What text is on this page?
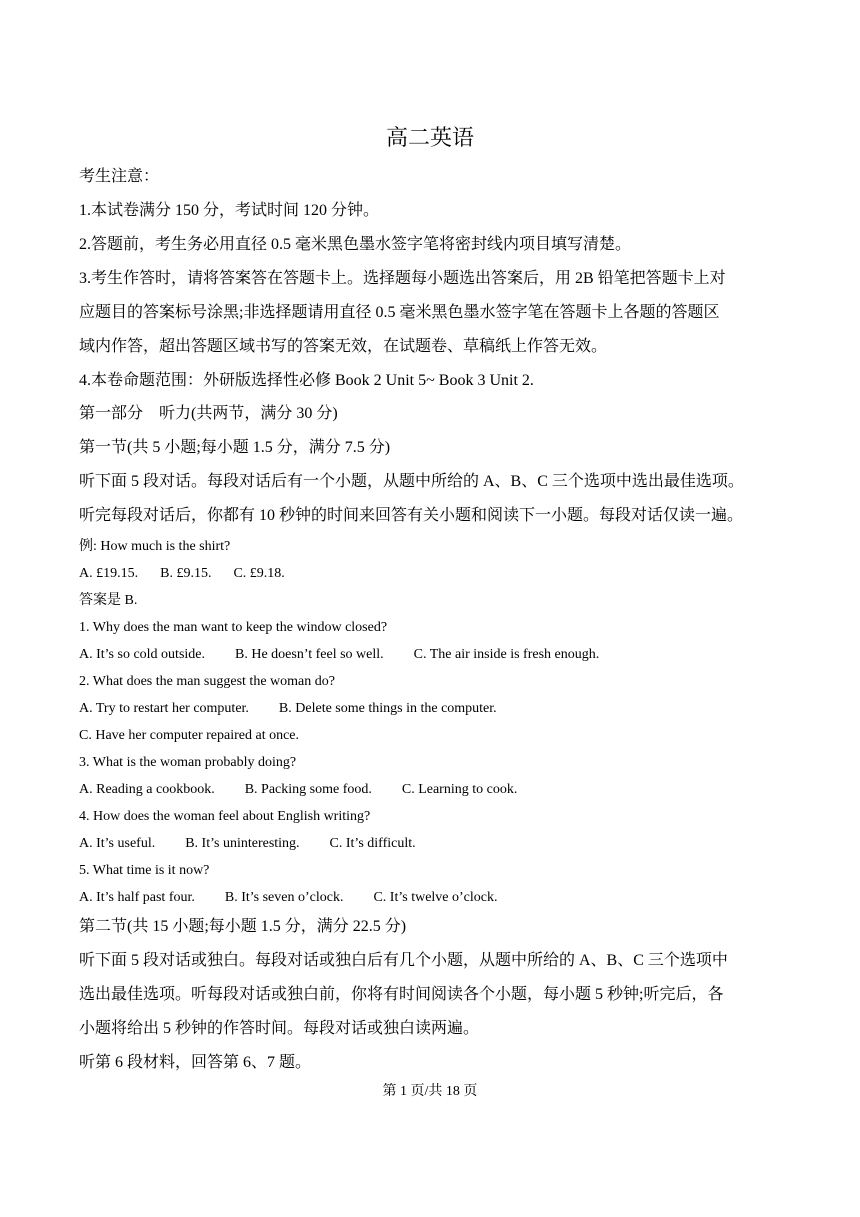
高二英语
考生注意：
1.本试卷满分 150 分，考试时间 120 分钟。
2.答题前，考生务必用直径 0.5 毫米黑色墨水签字笔将密封线内项目填写清楚。
3.考生作答时，请将答案答在答题卡上。选择题每小题选出答案后，用 2B 铅笔把答题卡上对
应题目的答案标号涂黑;非选择题请用直径 0.5 毫米黑色墨水签字笔在答题卡上各题的答题区
域内作答，超出答题区域书写的答案无效，在试题卷、草稿纸上作答无效。
4.本卷命题范围：外研版选择性必修 Book 2 Unit 5~ Book 3 Unit 2.
第一部分　听力(共两节，满分 30 分)
第一节(共 5 小题;每小题 1.5 分，满分 7.5 分)
听下面 5 段对话。每段对话后有一个小题，从题中所给的 A、B、C 三个选项中选出最佳选项。
听完每段对话后，你都有 10 秒钟的时间来回答有关小题和阅读下一小题。每段对话仅读一遍。
例: How much is the shirt?
A. £19.15. B. £9.15. C. £9.18.
答案是 B.
1. Why does the man want to keep the window closed?
A. It’s so cold outside. B. He doesn’t feel so well. C. The air inside is fresh enough.
2. What does the man suggest the woman do?
A. Try to restart her computer. B. Delete some things in the computer.
C. Have her computer repaired at once.
3. What is the woman probably doing?
A. Reading a cookbook. B. Packing some food. C. Learning to cook.
4. How does the woman feel about English writing?
A. It’s useful. B. It’s uninteresting. C. It’s difficult.
5. What time is it now?
A. It’s half past four. B. It’s seven o’clock. C. It’s twelve o’clock.
第二节(共 15 小题;每小题 1.5 分，满分 22.5 分)
听下面 5 段对话或独白。每段对话或独白后有几个小题，从题中所给的 A、B、C 三个选项中
选出最佳选项。听每段对话或独白前，你将有时间阅读各个小题，每小题 5 秒钟;听完后，各
小题将给出 5 秒钟的作答时间。每段对话或独白读两遍。
听第 6 段材料，回答第 6、7 题。
第 1 页/共 18 页
